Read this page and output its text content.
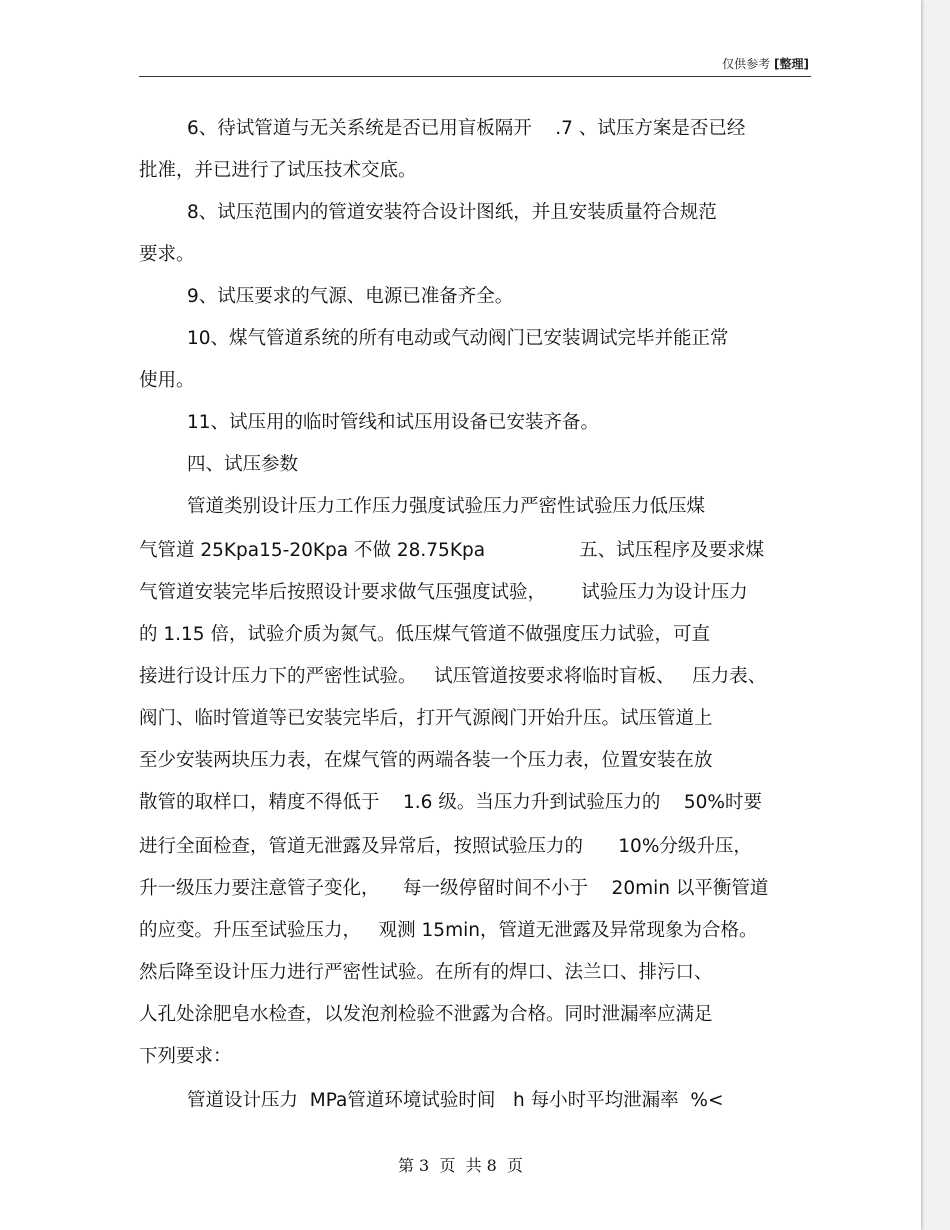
仅供参考 [整理]
6、待试管道与无关系统是否已用盲板隔开    .7 、试压方案是否已经
批准，并已进行了试压技术交底。
8、试压范围内的管道安装符合设计图纸，并且安装质量符合规范
要求。
9、试压要求的气源、电源已准备齐全。
10、煤气管道系统的所有电动或气动阀门已安装调试完毕并能正常
使用。
11、试压用的临时管线和试压用设备已安装齐备。
四、试压参数
管道类别设计压力工作压力强度试验压力严密性试验压力低压煤
气管道 25Kpa15-20Kpa 不做 28.75Kpa                五、试压程序及要求煤
气管道安装完毕后按照设计要求做气压强度试验，      试验压力为设计压力
的 1.15 倍，试验介质为氮气。低压煤气管道不做强度压力试验，可直
接进行设计压力下的严密性试验。   试压管道按要求将临时盲板、   压力表、
阀门、临时管道等已安装完毕后，打开气源阀门开始升压。试压管道上
至少安装两块压力表，在煤气管的两端各装一个压力表，位置安装在放
散管的取样口，精度不得低于    1.6 级。当压力升到试验压力的    50%时要
进行全面检查，管道无泄露及异常后，按照试验压力的      10%分级升压，
升一级压力要注意管子变化，    每一级停留时间不小于    20min 以平衡管道
的应变。升压至试验压力，   观测 15min，管道无泄露及异常现象为合格。
然后降至设计压力进行严密性试验。在所有的焊口、法兰口、排污口、
人孔处涂肥皂水检查，以发泡剂检验不泄露为合格。同时泄漏率应满足
下列要求：
管道设计压力  MPa管道环境试验时间   h 每小时平均泄漏率  %<
第 3  页  共 8  页
